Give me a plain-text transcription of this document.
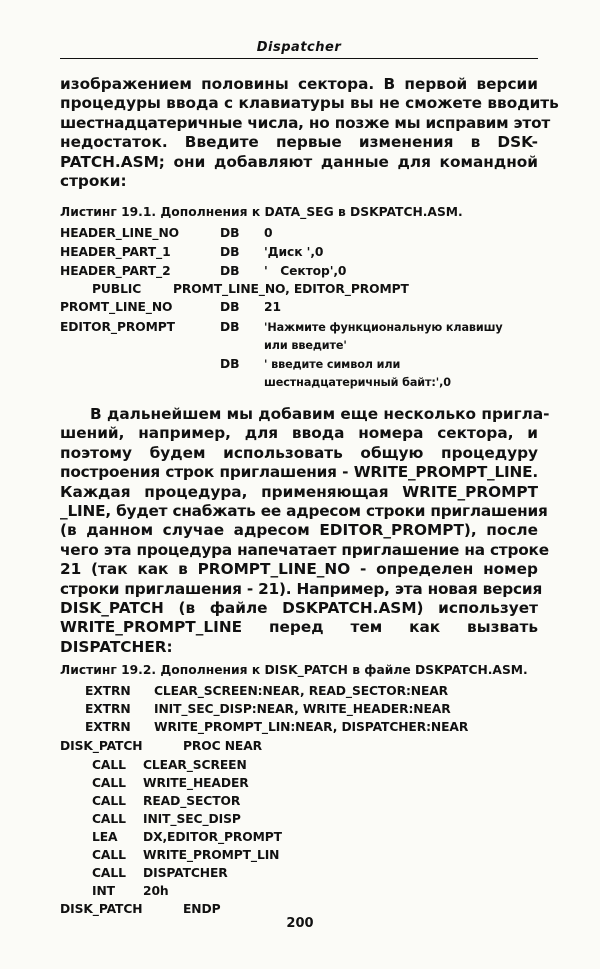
Dispatcher
изображением половины сектора. В первой версии
процедуры ввода с клавиатуры вы не сможете вводить
шестнадцатеричные числа, но позже мы исправим этот
недостаток. Введите первые изменения в DSK-
PATCH.ASM; они добавляют данные для командной
строки:
Листинг 19.1. Дополнения к DATA_SEG в DSKPATCH.ASM.
HEADER_LINE_NO	DB 0
HEADER_PART_1	DB 'Диск ',0
HEADER_PART_2	DB '   Сектор',0
PUBLIC	PROMT_LINE_NO, EDITOR_PROMPT
PROMT_LINE_NO	DB 21
EDITOR_PROMPT	DB 'Нажмите функциональную клавишу
или введите'
DB ' введите символ или
шестнадцатеричный байт:',0
В дальнейшем мы добавим еще несколько пригла-
шений, например, для ввода номера сектора, и
поэтому будем использовать общую процедуру
построения строк приглашения - WRITE_PROMPT_LINE.
Каждая процедура, применяющая WRITE_PROMPT
_LINE, будет снабжать ее адресом строки приглашения
(в данном случае адресом EDITOR_PROMPT), после
чего эта процедура напечатает приглашение на строке
21 (так как в PROMPT_LINE_NO - определен номер
строки приглашения - 21). Например, эта новая версия
DISK_PATCH (в файле DSKPATCH.ASM) использует
WRITE_PROMPT_LINE перед тем как вызвать
DISPATCHER:
Листинг 19.2. Дополнения к DISK_PATCH в файле DSKPATCH.ASM.
EXTRN CLEAR_SCREEN:NEAR, READ_SECTOR:NEAR
EXTRN INIT_SEC_DISP:NEAR, WRITE_HEADER:NEAR
EXTRN WRITE_PROMPT_LIN:NEAR, DISPATCHER:NEAR
DISK_PATCH	PROC NEAR
CALL CLEAR_SCREEN
CALL WRITE_HEADER
CALL READ_SECTOR
CALL INIT_SEC_DISP
LEA DX,EDITOR_PROMPT
CALL WRITE_PROMPT_LIN
CALL DISPATCHER
INT 20h
DISK_PATCH	ENDP
200
